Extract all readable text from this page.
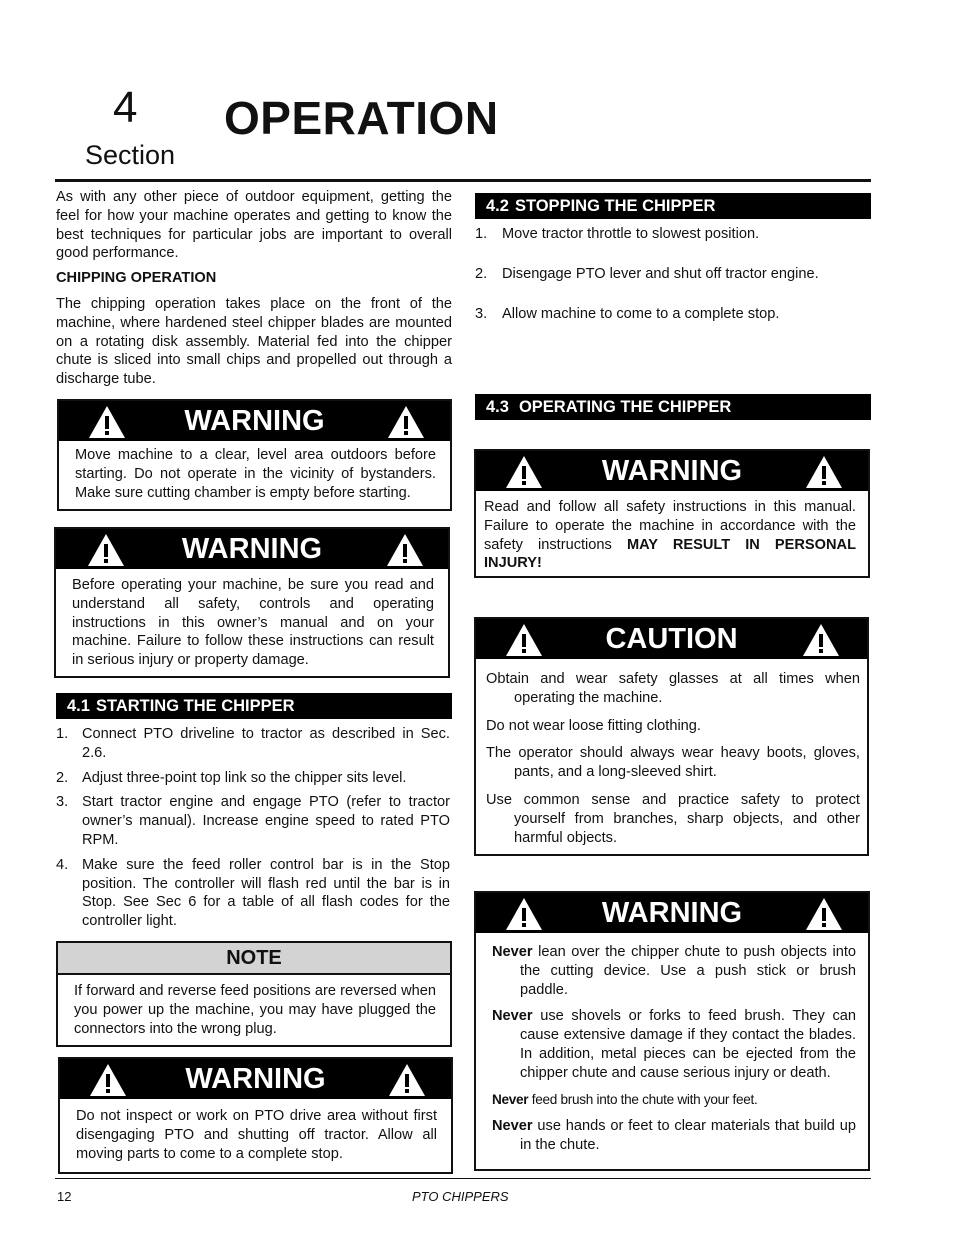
4
Section
OPERATION
As with any other piece of outdoor equipment, getting the feel for how your machine operates and getting to know the best techniques for particular jobs are important to overall good performance.
CHIPPING OPERATION
The chipping operation takes place on the front of the machine, where hardened steel chipper blades are mounted on a rotating disk assembly. Material fed into the chipper chute is sliced into small chips and propelled out through a discharge tube.
WARNING
Move machine to a clear, level area outdoors before starting. Do not operate in the vicinity of bystanders. Make sure cutting chamber is empty before starting.
WARNING
Before operating your machine, be sure you read and understand all safety, controls and operating instructions in this owner’s manual and on your machine. Failure to follow these instructions can result in serious injury or property damage.
4.1 STARTING THE CHIPPER
1. Connect PTO driveline to tractor as described in Sec. 2.6.
2. Adjust three-point top link so the chipper sits level.
3. Start tractor engine and engage PTO (refer to tractor owner’s manual). Increase engine speed to rated PTO RPM.
4. Make sure the feed roller control bar is in the Stop position. The controller will flash red until the bar is in Stop. See Sec 6 for a table of all flash codes for the controller light.
NOTE
If forward and reverse feed positions are reversed when you power up the machine, you may have plugged the connectors into the wrong plug.
WARNING
Do not inspect or work on PTO drive area without first disengaging PTO and shutting off tractor. Allow all moving parts to come to a complete stop.
4.2 STOPPING THE CHIPPER
1. Move tractor throttle to slowest position.
2. Disengage PTO lever and shut off tractor engine.
3. Allow machine to come to a complete stop.
4.3 OPERATING THE CHIPPER
WARNING
Read and follow all safety instructions in this manual. Failure to operate the machine in accordance with the safety instructions MAY RESULT IN PERSONAL INJURY!
CAUTION

Obtain and wear safety glasses at all times when operating the machine.

Do not wear loose fitting clothing.

The operator should always wear heavy boots, gloves, pants, and a long-sleeved shirt.

Use common sense and practice safety to protect yourself from branches, sharp objects, and other harmful objects.

WARNING

Never lean over the chipper chute to push objects into the cutting device. Use a push stick or brush paddle.

Never use shovels or forks to feed brush. They can cause extensive damage if they contact the blades. In addition, metal pieces can be ejected from the chipper chute and cause serious injury or death.

Never feed brush into the chute with your feet.

Never use hands or feet to clear materials that build up in the chute.

12	PTO CHIPPERS
